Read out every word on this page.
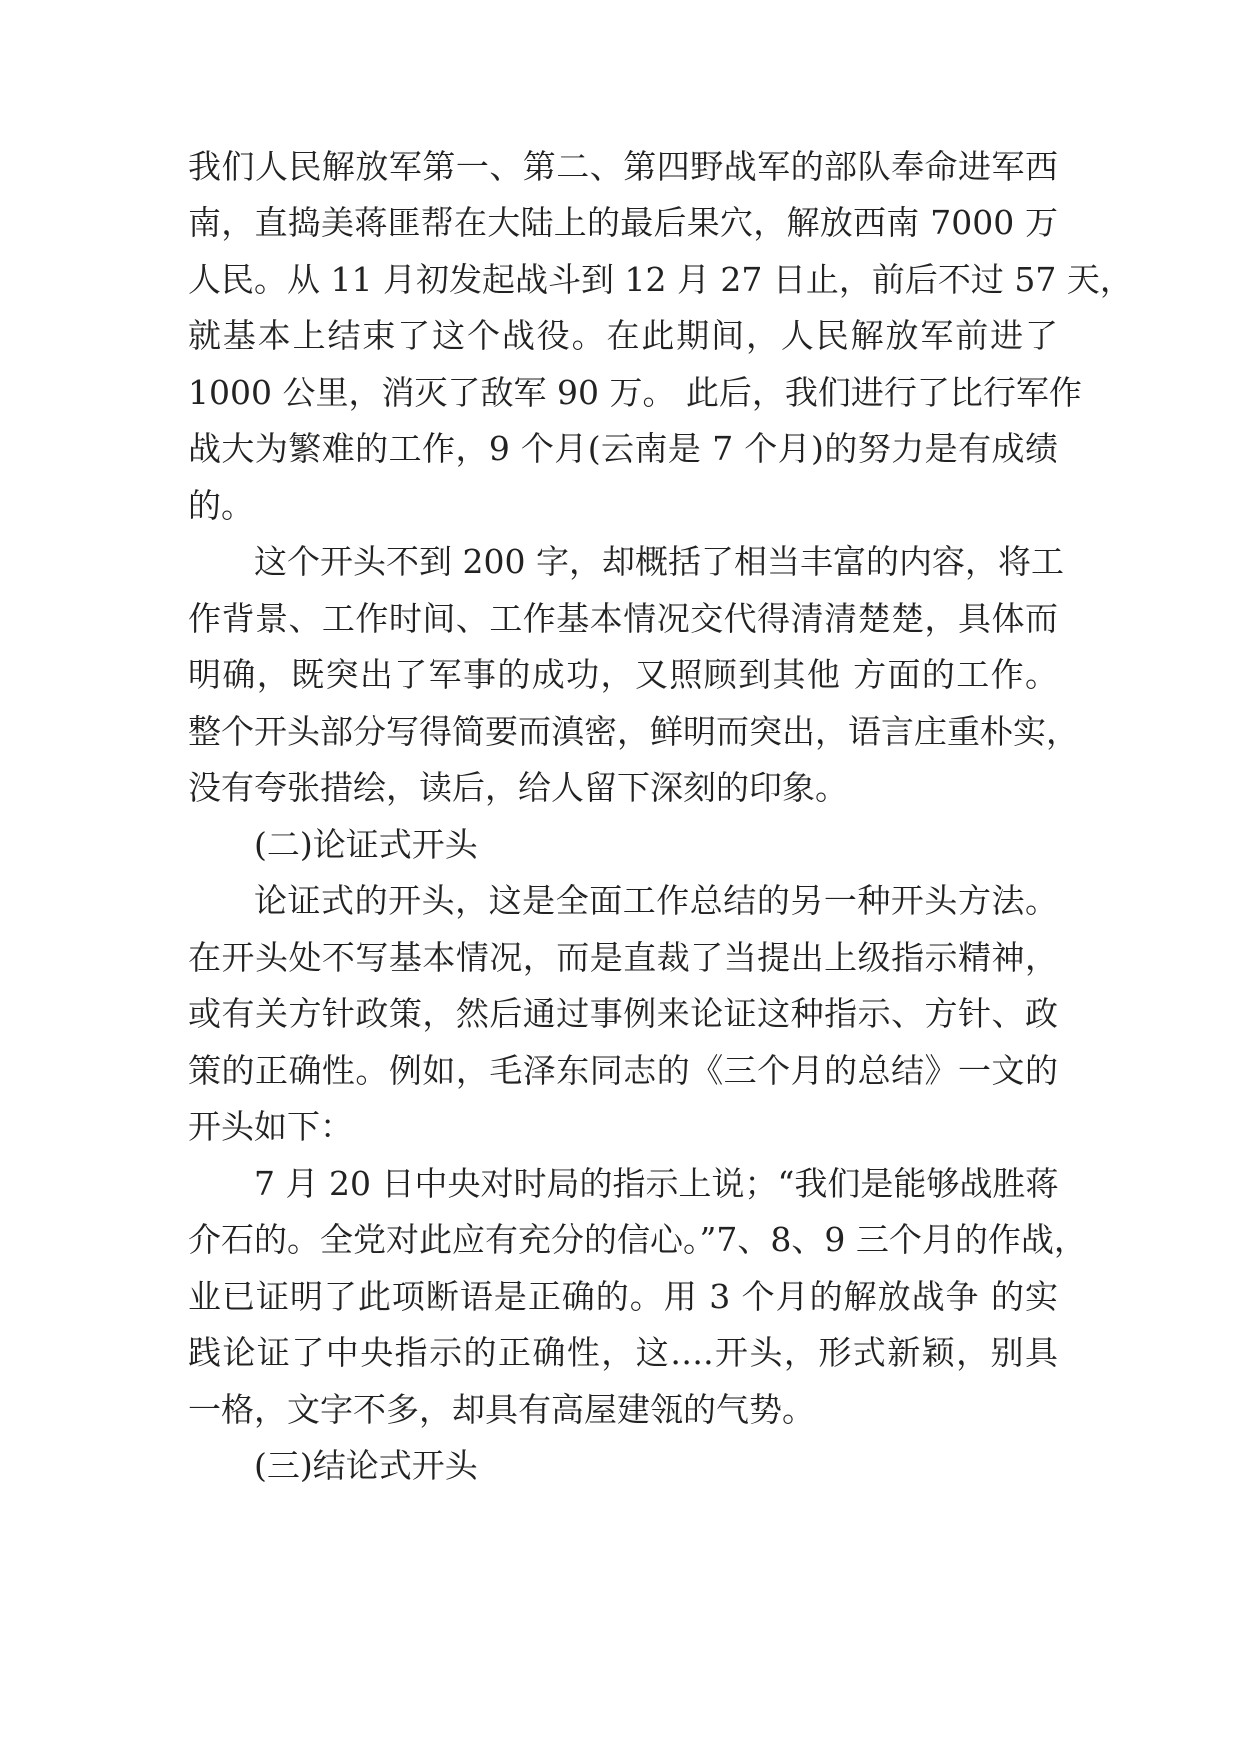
我们人民解放军第一、第二、第四野战军的部队奉命进军西
南，直捣美蒋匪帮在大陆上的最后果穴，解放西南 7000 万
人民。从 11 月初发起战斗到 12 月 27 日止，前后不过 57 天，
就基本上结束了这个战役。在此期间，人民解放军前进了
1000 公里，消灭了敌军 90 万。 此后，我们进行了比行军作
战大为繁难的工作，9 个月(云南是 7 个月)的努力是有成绩
的。
这个开头不到 200 字，却概括了相当丰富的内容，将工
作背景、工作时间、工作基本情况交代得清清楚楚，具体而
明确，既突出了军事的成功，又照顾到其他 方面的工作。
整个开头部分写得简要而滇密，鲜明而突出，语言庄重朴实，
没有夸张措绘，读后，给人留下深刻的印象。
(二)论证式开头
论证式的开头，这是全面工作总结的另一种开头方法。
在开头处不写基本情况，而是直裁了当提出上级指示精神，
或有关方针政策，然后通过事例来论证这种指示、方针、政
策的正确性。例如，毛泽东同志的《三个月的总结》一文的
开头如下：
7 月 20 日中央对时局的指示上说；“我们是能够战胜蒋
介石的。全党对此应有充分的信心。”7、8、9 三个月的作战，
业已证明了此项断语是正确的。用 3 个月的解放战争 的实
践论证了中央指示的正确性，这….开头，形式新颖，别具
一格，文字不多，却具有高屋建瓴的气势。
(三)结论式开头
